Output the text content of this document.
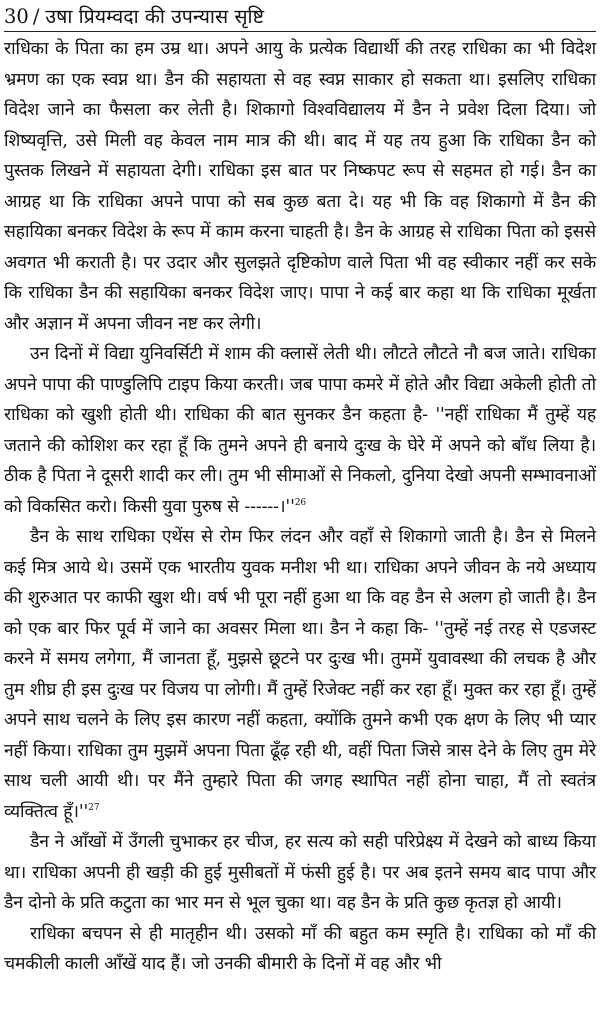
30 / उषा प्रियम्वदा की उपन्यास सृष्टि

राधिका के पिता का हम उम्र था। अपने आयु के प्रत्येक विद्यार्थी की तरह राधिका का भी विदेश भ्रमण का एक स्वप्न था। डैन की सहायता से वह स्वप्न साकार हो सकता था। इसलिए राधिका विदेश जाने का फैसला कर लेती है। शिकागो विश्वविद्यालय में डैन ने प्रवेश दिला दिया। जो शिष्यवृत्ति, उसे मिली वह केवल नाम मात्र की थी। बाद में यह तय हुआ कि राधिका डैन को पुस्तक लिखने में सहायता देगी। राधिका इस बात पर निष्कपट रूप से सहमत हो गई। डैन का आग्रह था कि राधिका अपने पापा को सब कुछ बता दे। यह भी कि वह शिकागो में डैन की सहायिका बनकर विदेश के रूप में काम करना चाहती है। डैन के आग्रह से राधिका पिता को इससे अवगत भी कराती है। पर उदार और सुलझते दृष्टिकोण वाले पिता भी वह स्वीकार नहीं कर सके कि राधिका डैन की सहायिका बनकर विदेश जाए। पापा ने कई बार कहा था कि राधिका मूर्खता और अज्ञान में अपना जीवन नष्ट कर लेगी।

उन दिनों में विद्या युनिवर्सिटी में शाम की क्लासें लेती थी। लौटते लौटते नौ बज जाते। राधिका अपने पापा की पाण्डुलिपि टाइप किया करती। जब पापा कमरे में होते और विद्या अकेली होती तो राधिका को खुशी होती थी। राधिका की बात सुनकर डैन कहता है- ''नहीं राधिका मैं तुम्हें यह जताने की कोशिश कर रहा हूँ कि तुमने अपने ही बनाये दुःख के घेरे में अपने को बाँध लिया है। ठीक है पिता ने दूसरी शादी कर ली। तुम भी सीमाओं से निकलो, दुनिया देखो अपनी सम्भावनाओं को विकसित करो। किसी युवा पुरुष से $------।''^{26}$

डैन के साथ राधिका एथेंस से रोम फिर लंदन और वहाँ से शिकागो जाती है। डैन से मिलने कई मित्र आये थे। उसमें एक भारतीय युवक मनीश भी था। राधिका अपने जीवन के नये अध्याय की शुरुआत पर काफी खुश थी। वर्ष भी पूरा नहीं हुआ था कि वह डैन से अलग हो जाती है। डैन को एक बार फिर पूर्व में जाने का अवसर मिला था। डैन ने कहा कि- ''तुम्हें नई तरह से एडजस्ट करने में समय लगेगा, मैं जानता हूँ, मुझसे छूटने पर दुःख भी। तुममें युवावस्था की लचक है और तुम शीघ्र ही इस दुःख पर विजय पा लोगी। मैं तुम्हें रिजेक्ट नहीं कर रहा हूँ। मुक्त कर रहा हूँ। तुम्हें अपने साथ चलने के लिए इस कारण नहीं कहता, क्योंकि तुमने कभी एक क्षण के लिए भी प्यार नहीं किया। राधिका तुम मुझमें अपना पिता ढूँढ़ रही थी, वहीं पिता जिसे त्रास देने के लिए तुम मेरे साथ चली आयी थी। पर मैंने तुम्हारे पिता की जगह स्थापित नहीं होना चाहा, मैं तो स्वतंत्र व्यक्तित्व $हूँ।''^{27}$

डैन ने आँखों में उँगली चुभाकर हर चीज, हर सत्य को सही परिप्रेक्ष्य में देखने को बाध्य किया था। राधिका अपनी ही खड़ी की हुई मुसीबतों में फंसी हुई है। पर अब इतने समय बाद पापा और डैन दोनो के प्रति कटुता का भार मन से भूल चुका था। वह डैन के प्रति कुछ कृतज्ञ हो आयी।

राधिका बचपन से ही मातृहीन थी। उसको माँ की बहुत कम स्मृति है। राधिका को माँ की चमकीली काली आँखें याद हैं। जो उनकी बीमारी के दिनों में वह और भी
